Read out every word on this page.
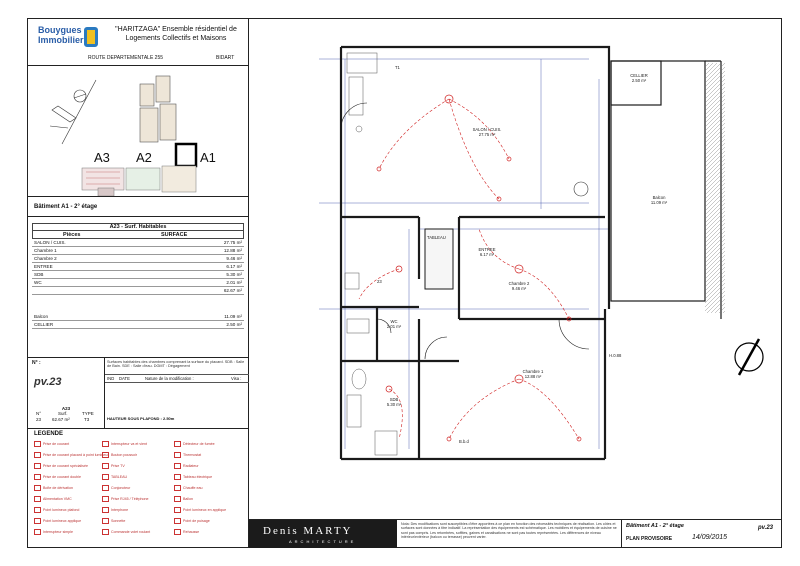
Bouygues
Immobilier
"HARITZAGA" Ensemble résidentiel de
Logements Collectifs et Maisons
ROUTE DEPARTEMENTALE 255	BIDART
A3 A2	A1
Bâtiment A1 - 2° étage
A23 - Surf. Habitables
Pièces	SURFACE
SALON / CUIS.	27.75 m²
Chambre 1	12.88 m²
Chambre 2	9.46 m²
ENTREE	6.17 m²
SDB	5.30 m²
WC	2.01 m²
62.67 m²
Balcon	11.09 m²
CELLIER	2.50 m²
N° :
pv.23
Surfaces habitables des chambres comprenant la surface du placard. SDB : Salle de Bain. SDE : Salle d'eau. DGMT : Dégagement
IND DATE	Nature de la modification :	Visa :
HAUTEUR SOUS PLAFOND : 2.50m
A23
N°	Surf.	TYPE
23 62.67 m²	T3
LEGENDE
Prise de courant
Prise de courant placard à point lumineux
Prise de courant spécialisée
Prise de courant double
Boîte de dérivation
Alimentation VMC
Point lumineux plafond
Point lumineux applique
Interrupteur simple
Interrupteur va et vient
Bouton poussoir
Prise TV
TABLEAU
Conjoncteur
Prise RJ45 / Téléphone
Interphone
Sonnette
Commande volet roulant
Détecteur de fumée
Thermostat
Radiateur
Tableau électrique
Chauffe eau
Ballon
Point lumineux en applique
Point de puisage
Rehausse
SALON / CUIS.
27.75 m²
CELLIER
2.50 m²
Balcon
11.09 m²
ENTREE
6.17 m²
Chambre 2
9.46 m²
WC
2.01 m²
Chambre 1
12.88 m²
SDB
5.30 m²
T1
23
TABLEAU
H.0.88
B.b.d
Denis MARTY
ARCHITECTURE
Nota: Des modifications sont susceptibles d'être apportées à ce plan en fonction des nécessités techniques de réalisation. Les côtes et surfaces sont données à titre indicatif. La représentation des équipements est schématique. Les mobiliers et équipements de cuisine ne sont pas compris. Les retombées, soffites, gaines et canalisations ne sont pas toutes représentées. Les différences de niveau intérieur/extérieur (balcon ou terrasse) peuvent varier.
Bâtiment A1 - 2° étage
PLAN PROVISOIRE	14/09/2015
pv.23
